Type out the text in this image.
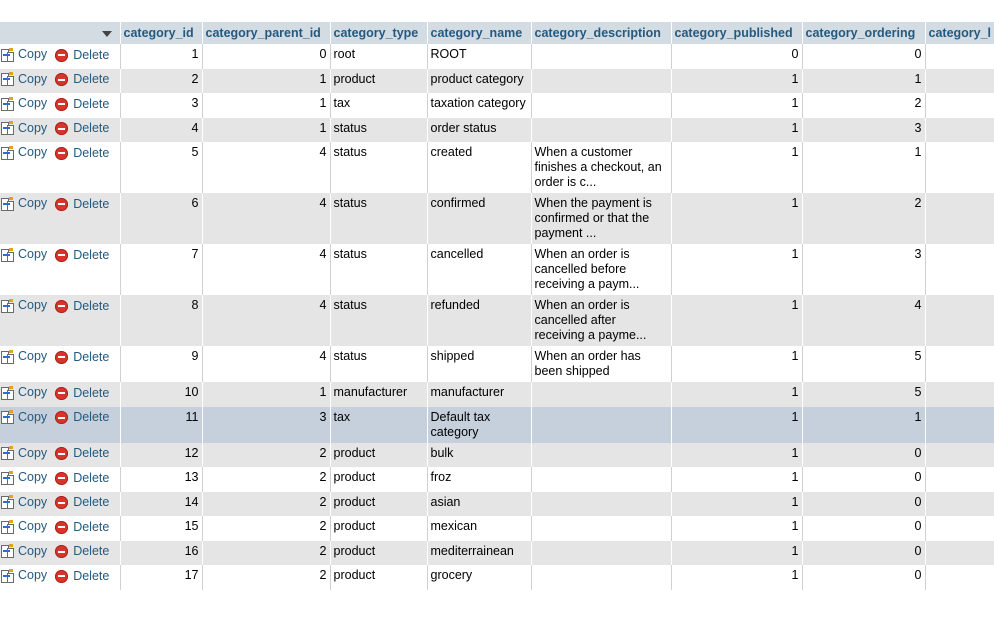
	category_id	category_parent_id	category_type	category_name	category_description	category_published	category_ordering	category_l

Copy Delete	1	0	root	ROOT		0	0	

Copy Delete	2	1	product	product category		1	1	

Copy Delete	3	1	tax	taxation category		1	2	

Copy Delete	4	1	status	order status		1	3	

Copy Delete	5	4	status	created	When a customer finishes a checkout, an order is c...	1	1	

Copy Delete	6	4	status	confirmed	When the payment is confirmed or that the payment ...	1	2	

Copy Delete	7	4	status	cancelled	When an order is cancelled before receiving a paym...	1	3	

Copy Delete	8	4	status	refunded	When an order is cancelled after receiving a payme...	1	4	

Copy Delete	9	4	status	shipped	When an order has been shipped	1	5	

Copy Delete	10	1	manufacturer	manufacturer		1	5	

Copy Delete	11	3	tax	Default tax category		1	1	

Copy Delete	12	2	product	bulk		1	0	

Copy Delete	13	2	product	froz		1	0	

Copy Delete	14	2	product	asian		1	0	

Copy Delete	15	2	product	mexican		1	0	

Copy Delete	16	2	product	mediterrainean		1	0	

Copy Delete	17	2	product	grocery		1	0	
